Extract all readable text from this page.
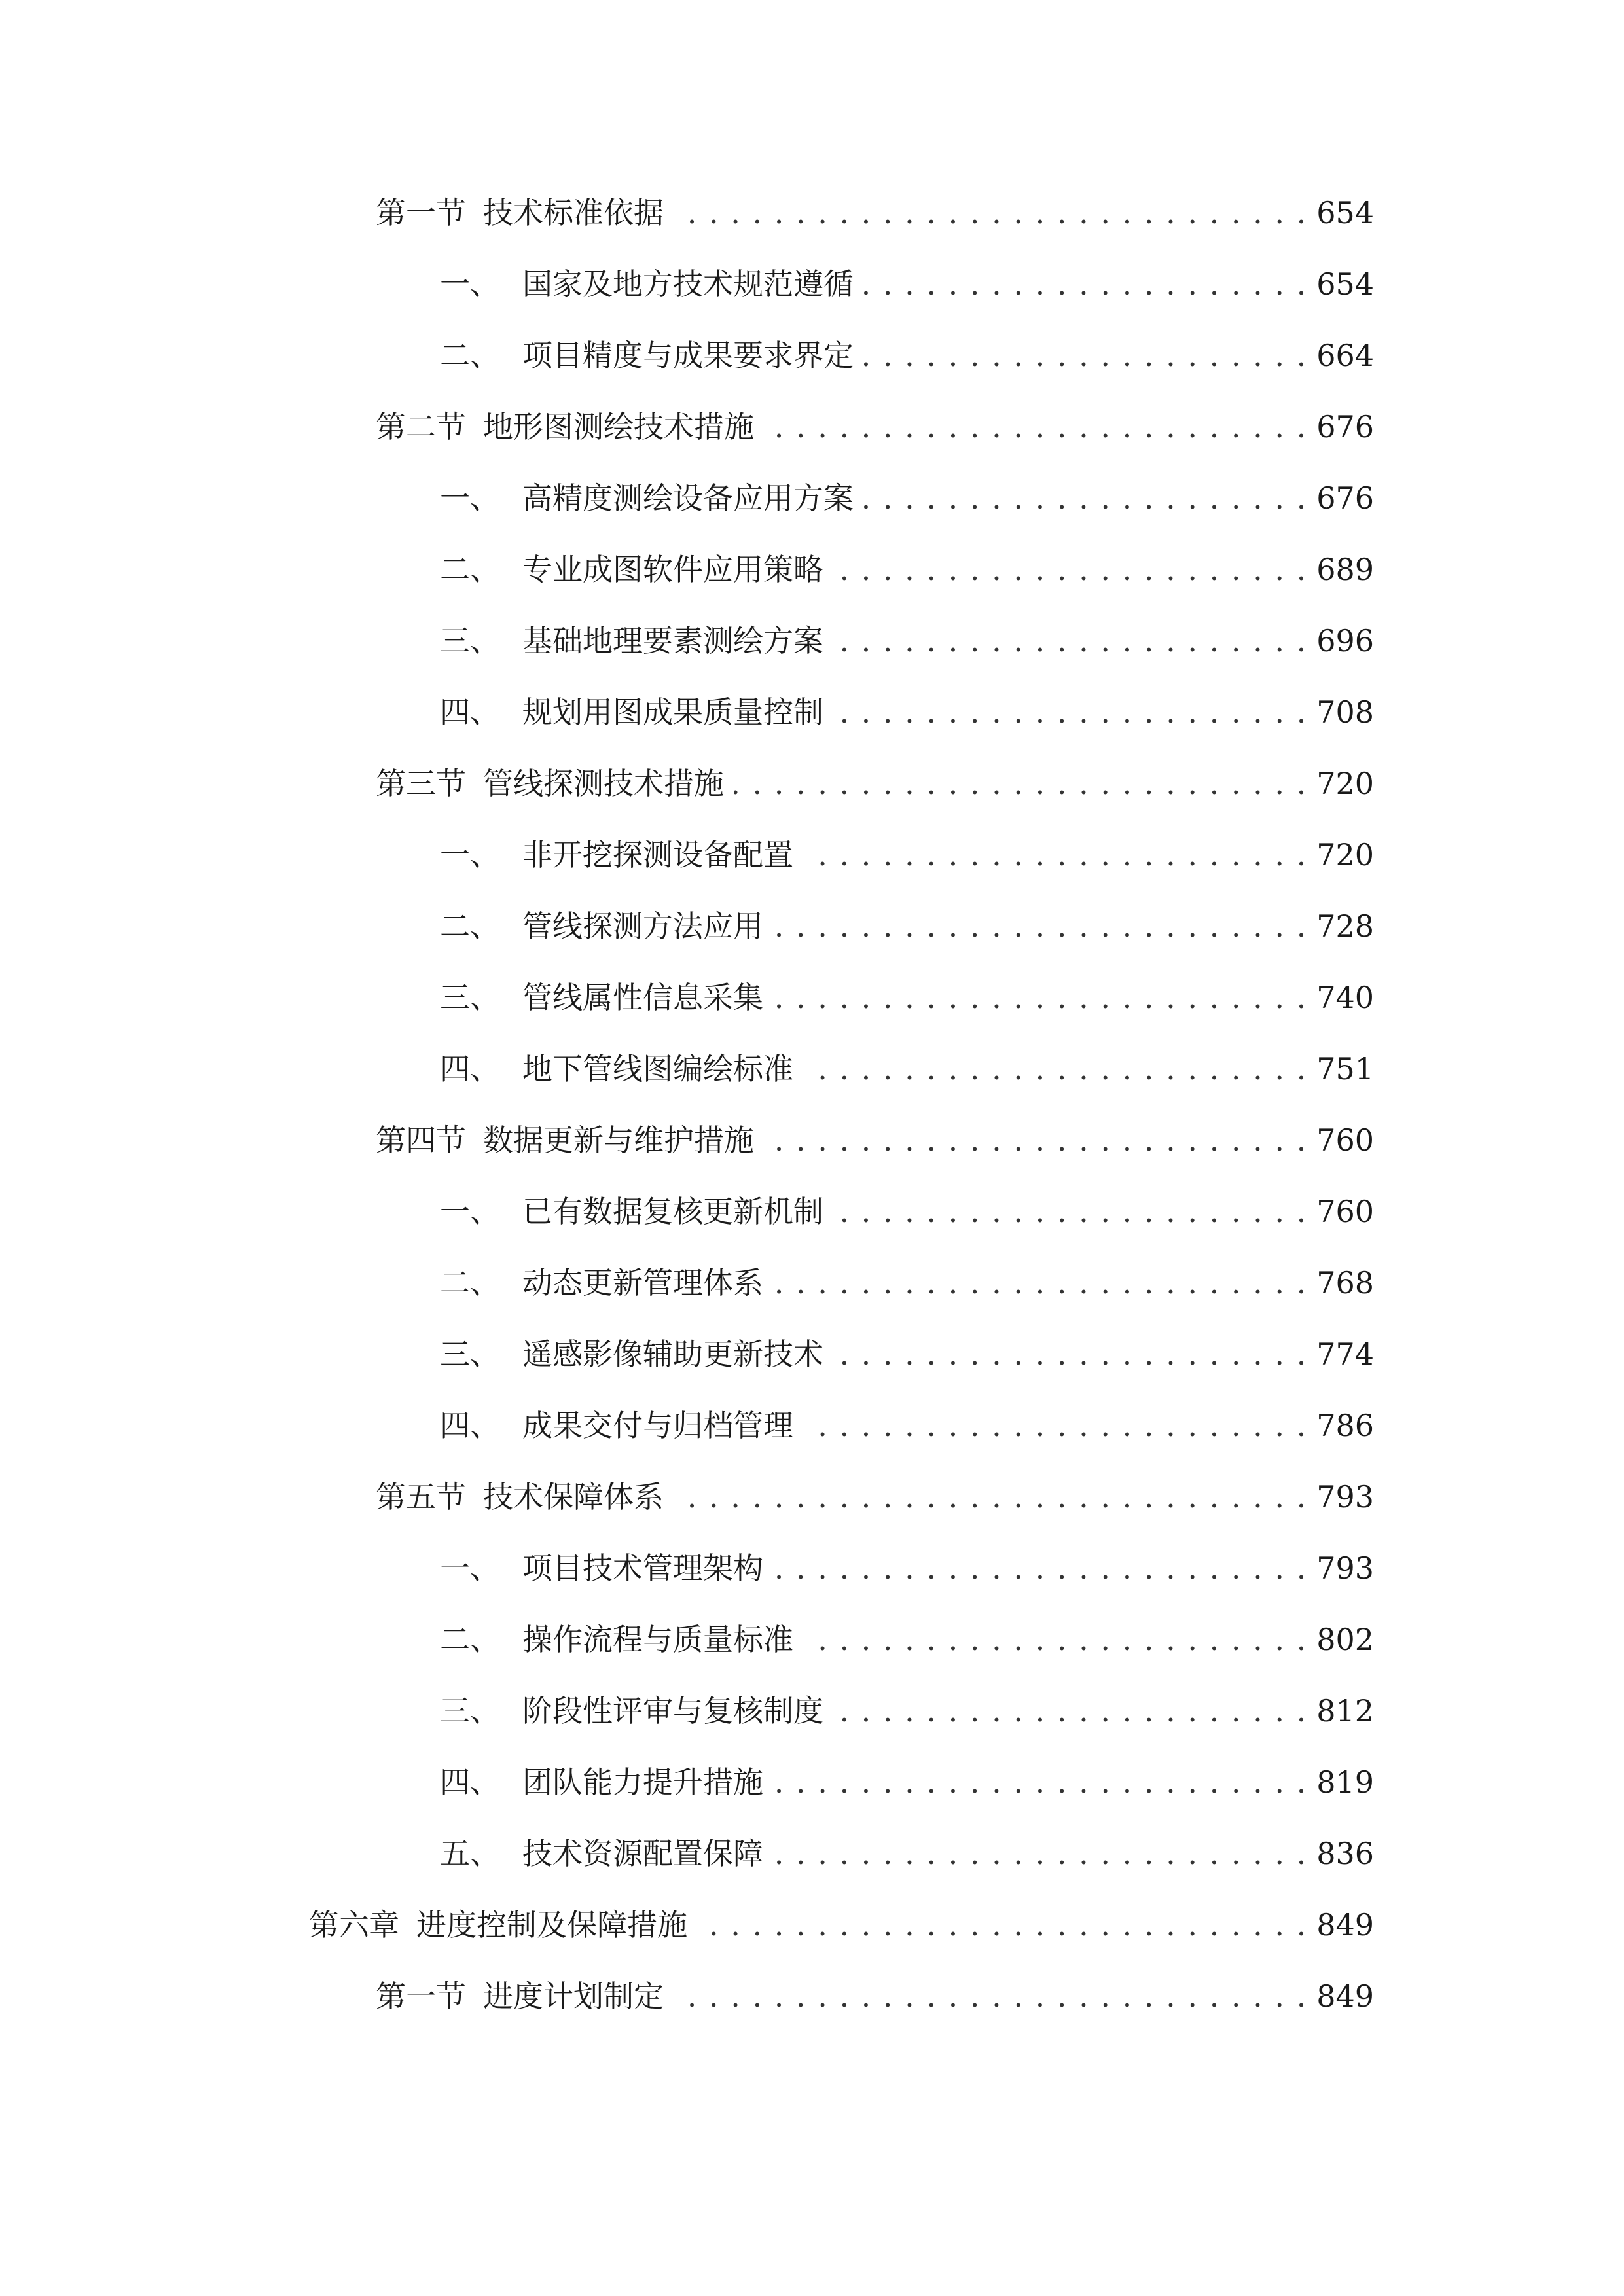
第一节 技术标准依据 . . .	654
一、 国家及地方技术规范遵循 . . .	654
二、 项目精度与成果要求界定 . . .	664
第二节 地形图测绘技术措施 . . .	676
一、 高精度测绘设备应用方案 . . .	676
二、 专业成图软件应用策略 . . .	689
三、 基础地理要素测绘方案 . . .	696
四、 规划用图成果质量控制 . . .	708
第三节 管线探测技术措施 . . .	720
一、 非开挖探测设备配置 . . .	720
二、 管线探测方法应用 . . .	728
三、 管线属性信息采集 . . .	740
四、 地下管线图编绘标准 . . .	751
第四节 数据更新与维护措施 . . .	760
一、 已有数据复核更新机制 . . .	760
二、 动态更新管理体系 . . .	768
三、 遥感影像辅助更新技术 . . .	774
四、 成果交付与归档管理 . . .	786
第五节 技术保障体系 . . .	793
一、 项目技术管理架构 . . .	793
二、 操作流程与质量标准 . . .	802
三、 阶段性评审与复核制度 . . .	812
四、 团队能力提升措施 . . .	819
五、 技术资源配置保障 . . .	836
第六章 进度控制及保障措施 . . .	849
第一节 进度计划制定 . . .	849
